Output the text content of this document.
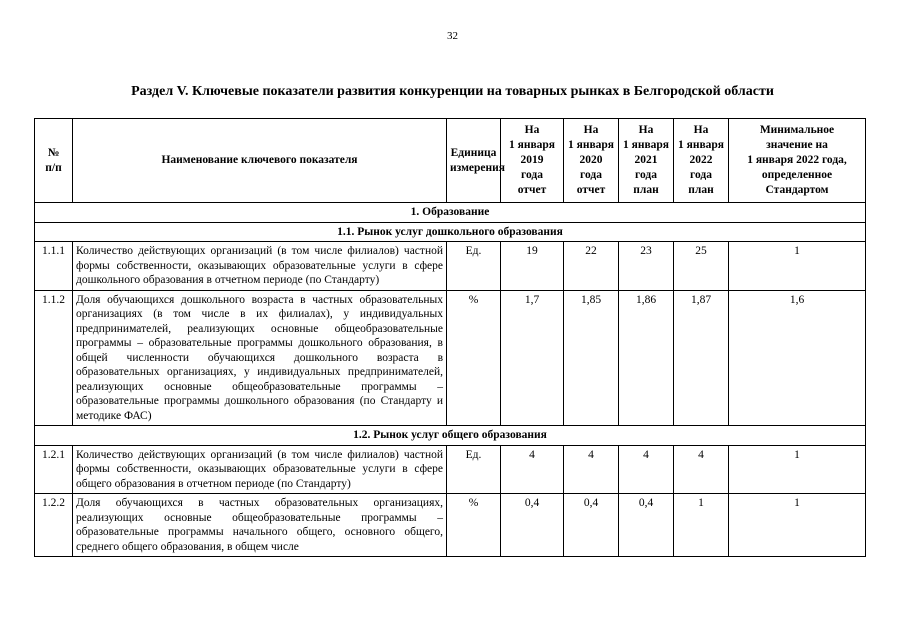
32
Раздел V. Ключевые показатели развития конкуренции на товарных рынках в Белгородской области
№
п/п	Наименование ключевого показателя	Единица
измерения	На
1 января
2019
года
отчет	На
1 января
2020
года
отчет	На
1 января
2021
года
план	На
1 января
2022
года
план	Минимальное
значение на
1 января 2022 года,
определенное
Стандартом
1. Образование							
1.1. Рынок услуг дошкольного образования							
1.1.1	Количество действующих организаций (в том числе филиалов) частной формы собственности, оказывающих образовательные услуги в сфере дошкольного образования в отчетном периоде (по Стандарту)	Ед.	19	22	23	25	1
1.1.2	Доля обучающихся дошкольного возраста в частных образовательных организациях (в том числе в их филиалах), у индивидуальных предпринимателей, реализующих основные общеобразовательные программы – образовательные программы дошкольного образования, в общей численности обучающихся дошкольного возраста в образовательных организациях, у индивидуальных предпринимателей, реализующих основные общеобразовательные программы – образовательные программы дошкольного образования (по Стандарту и методике ФАС)	%	1,7	1,85	1,86	1,87	1,6
1.2. Рынок услуг общего образования							
1.2.1	Количество действующих организаций (в том числе филиалов) частной формы собственности, оказывающих образовательные услуги в сфере общего образования в отчетном периоде (по Стандарту)	Ед.	4	4	4	4	1
1.2.2	Доля обучающихся в частных образовательных организациях, реализующих основные общеобразовательные программы – образовательные программы начального общего, основного общего, среднего общего образования, в общем числе	%	0,4	0,4	0,4	1	1
